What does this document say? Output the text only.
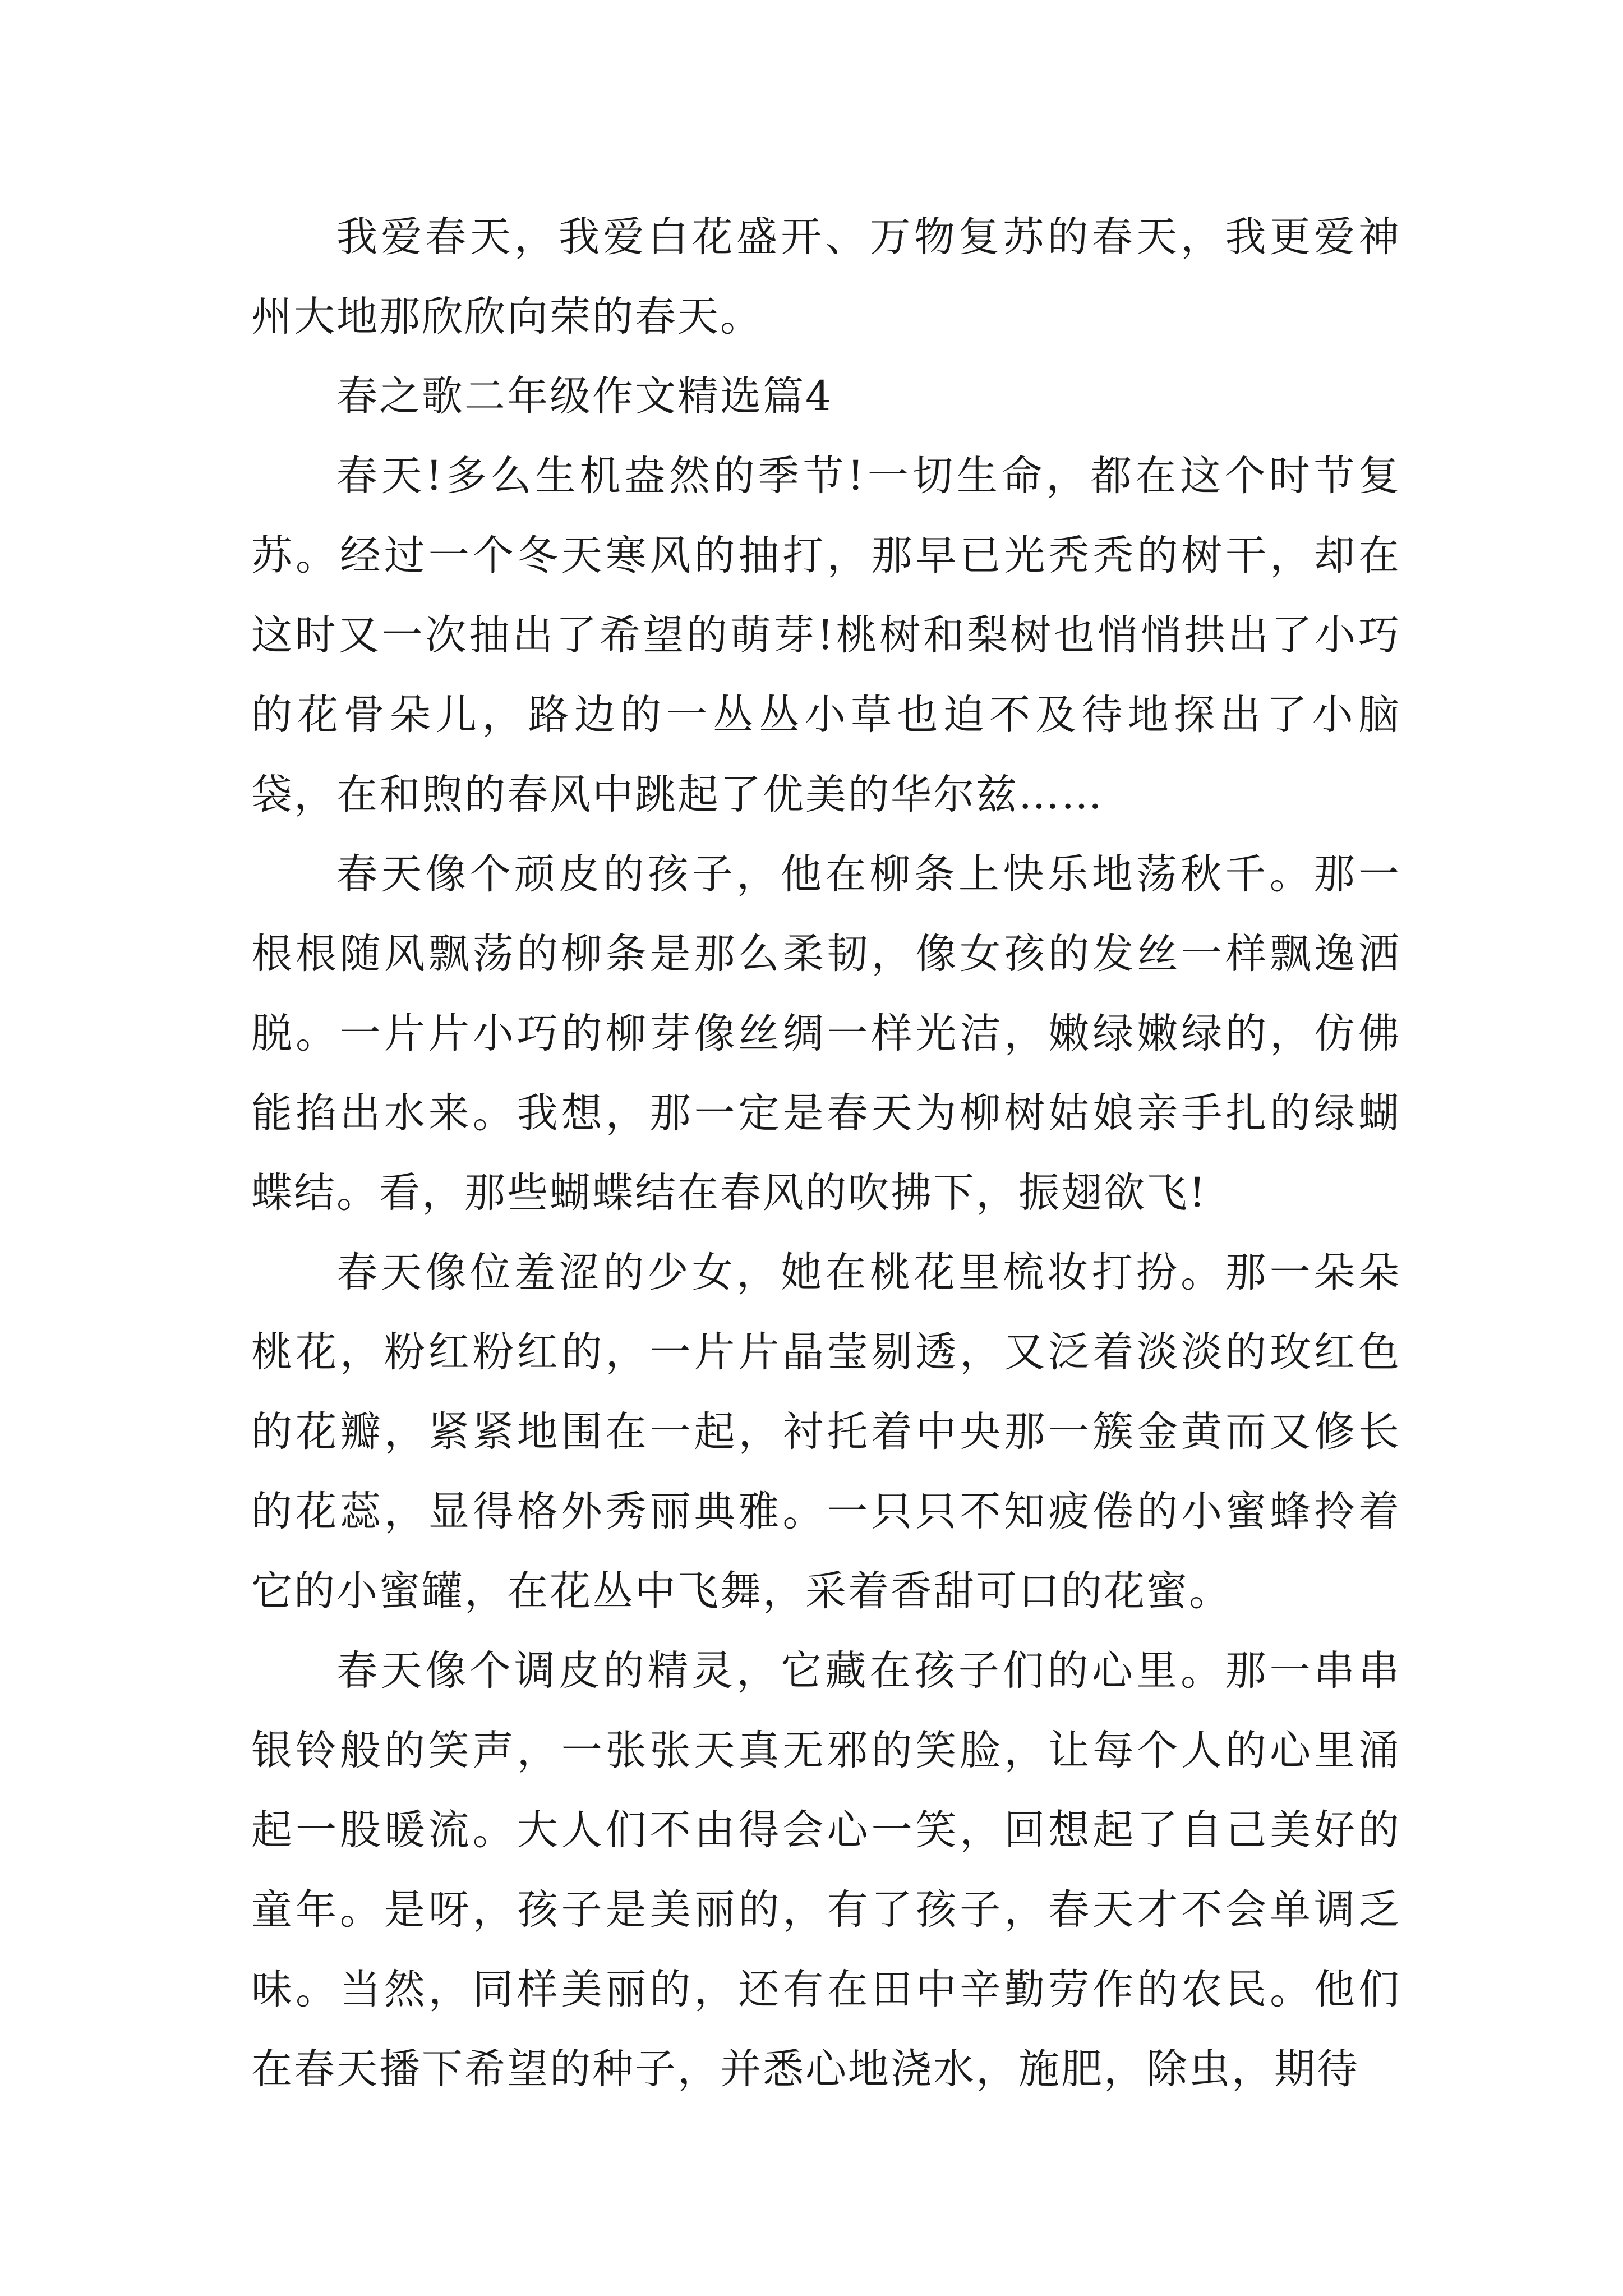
我爱春天，我爱白花盛开、万物复苏的春天，我更爱神州大地那欣欣向荣的春天。

春之歌二年级作文精选篇4

春天!多么生机盎然的季节!一切生命，都在这个时节复苏。经过一个冬天寒风的抽打，那早已光秃秃的树干，却在这时又一次抽出了希望的萌芽!桃树和梨树也悄悄拱出了小巧的花骨朵儿，路边的一丛丛小草也迫不及待地探出了小脑袋，在和煦的春风中跳起了优美的华尔兹……

春天像个顽皮的孩子，他在柳条上快乐地荡秋千。那一根根随风飘荡的柳条是那么柔韧，像女孩的发丝一样飘逸洒脱。一片片小巧的柳芽像丝绸一样光洁，嫩绿嫩绿的，仿佛能掐出水来。我想，那一定是春天为柳树姑娘亲手扎的绿蝴蝶结。看，那些蝴蝶结在春风的吹拂下，振翅欲飞!

春天像位羞涩的少女，她在桃花里梳妆打扮。那一朵朵桃花，粉红粉红的，一片片晶莹剔透，又泛着淡淡的玫红色的花瓣，紧紧地围在一起，衬托着中央那一簇金黄而又修长的花蕊，显得格外秀丽典雅。一只只不知疲倦的小蜜蜂拎着它的小蜜罐，在花丛中飞舞，采着香甜可口的花蜜。

春天像个调皮的精灵，它藏在孩子们的心里。那一串串银铃般的笑声，一张张天真无邪的笑脸，让每个人的心里涌起一股暖流。大人们不由得会心一笑，回想起了自己美好的童年。是呀，孩子是美丽的，有了孩子，春天才不会单调乏味。当然，同样美丽的，还有在田中辛勤劳作的农民。他们在春天播下希望的种子，并悉心地浇水，施肥，除虫，期待
